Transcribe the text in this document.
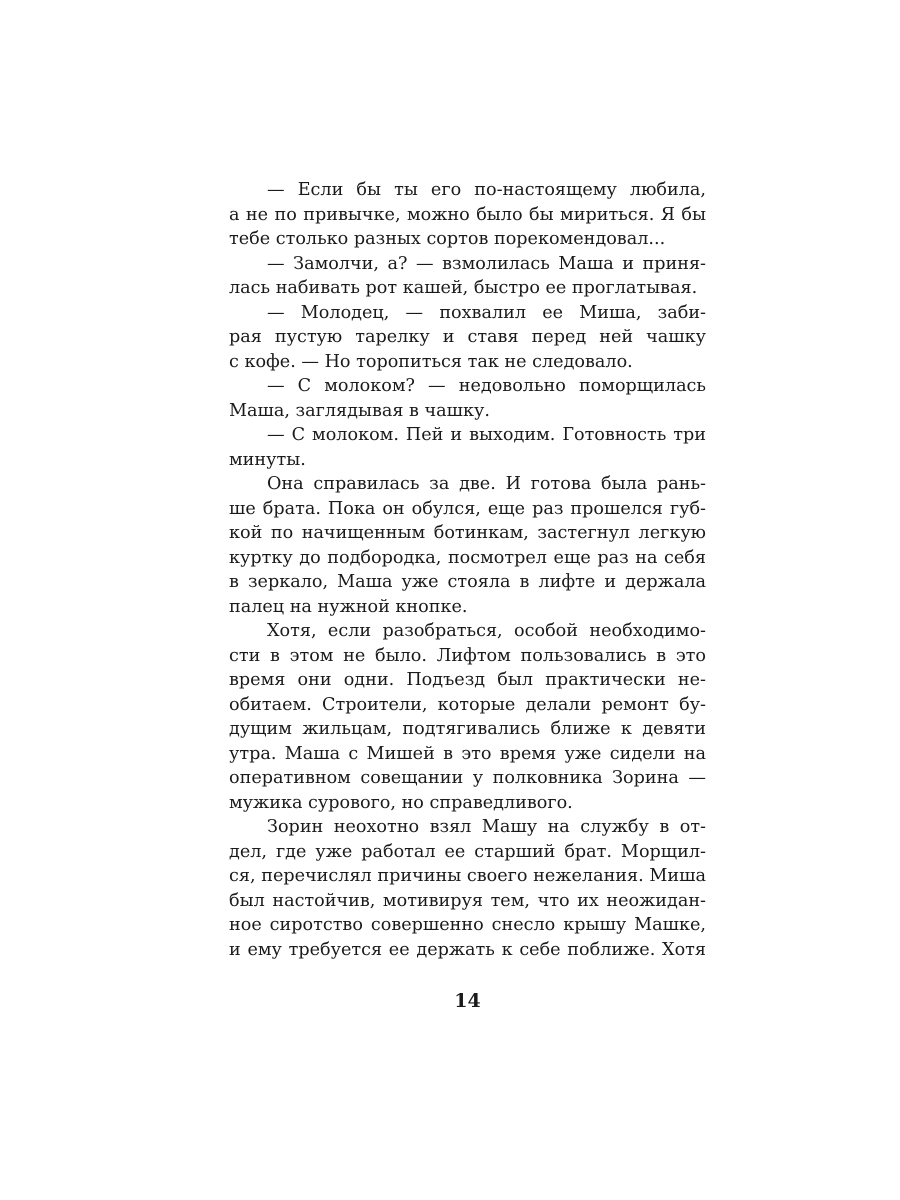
— Если бы ты его по-настоящему любила,
а не по привычке, можно было бы мириться. Я бы
тебе столько разных сортов порекомендовал...
— Замолчи, а? — взмолилась Маша и приня-
лась набивать рот кашей, быстро ее проглатывая.
— Молодец, — похвалил ее Миша, заби-
рая пустую тарелку и ставя перед ней чашку
с кофе. — Но торопиться так не следовало.
— С молоком? — недовольно поморщилась
Маша, заглядывая в чашку.
— С молоком. Пей и выходим. Готовность три
минуты.
Она справилась за две. И готова была рань-
ше брата. Пока он обулся, еще раз прошелся губ-
кой по начищенным ботинкам, застегнул легкую
куртку до подбородка, посмотрел еще раз на себя
в зеркало, Маша уже стояла в лифте и держала
палец на нужной кнопке.
Хотя, если разобраться, особой необходимо-
сти в этом не было. Лифтом пользовались в это
время они одни. Подъезд был практически не-
обитаем. Строители, которые делали ремонт бу-
дущим жильцам, подтягивались ближе к девяти
утра. Маша с Мишей в это время уже сидели на
оперативном совещании у полковника Зорина —
мужика сурового, но справедливого.
Зорин неохотно взял Машу на службу в от-
дел, где уже работал ее старший брат. Морщил-
ся, перечислял причины своего нежелания. Миша
был настойчив, мотивируя тем, что их неожидан-
ное сиротство совершенно снесло крышу Машке,
и ему требуется ее держать к себе поближе. Хотя
14
